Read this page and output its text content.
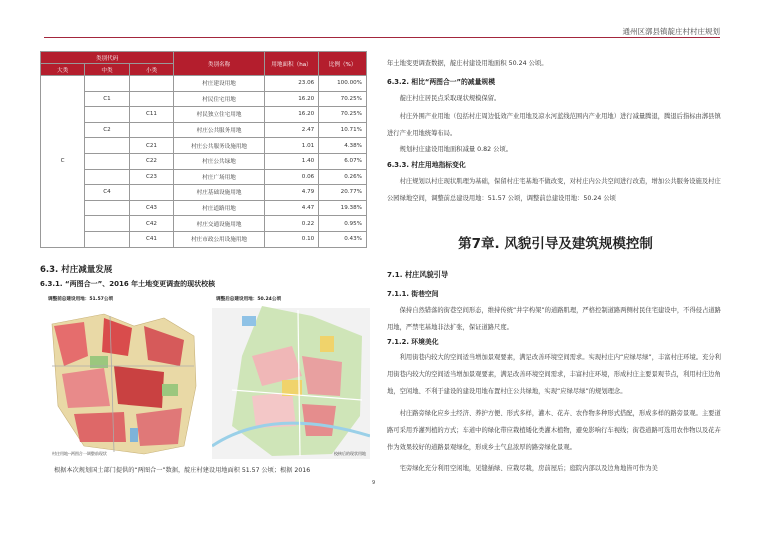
通州区漷县镇靛庄村村庄规划
类别代码			类别名称	用地面积（hа）	比例（%）
大类	中类	小类			
C			村庄建设用地	23.06	100.00%
	C1		村民住宅用地	16.20	70.25%
		C11	村民独立住宅用地	16.20	70.25%
	C2		村庄公共服务用地	2.47	10.71%
		C21	村庄公共服务设施用地	1.01	4.38%
		C22	村庄公共绿地	1.40	6.07%
		C23	村庄广场用地	0.06	0.26%
	C4		村庄基础设施用地	4.79	20.77%
		C43	村庄道路用地	4.47	19.38%
		C42	村庄交通设施用地	0.22	0.95%
		C41	村庄市政公用设施用地	0.10	0.43%
6.3. 村庄减量发展
6.3.1. “两图合一”、2016 年土地变更调查的现状校核
调整前总建设用地：51.57公顷
村庄用地--两图合一调整前现状
调整后总建设用地：50.24公顷
校核后的现状用地
根据本次规划国土部门提供的“两图合一”数据，靛庄村建设用地面积 51.57 公顷；根据 2016
9
年土地变更调查数据，靛庄村建设用地面积 50.24 公顷。
6.3.2. 相比“两图合一”的减量规模
靛庄村庄居民点采取现状规模保留。
村庄外围产业用地（包括村庄周边低效产业用地及凉水河蓝线范围内产业用地）进行减量腾退，腾退后指标由漷县镇进行产业用地统筹布局。
规划村庄建设用地面积减量 0.82 公顷。
6.3.3. 村庄用地指标变化
村庄规划以村庄现状肌理为基础，保留村庄宅基地不做改变，对村庄内公共空间进行改造，增加公共服务设施及村庄公园绿地空间，调整前总建设用地：51.57 公顷，调整前总建设用地：50.24 公顷
第7章. 风貌引导及建筑规模控制
7.1. 村庄风貌引导
7.1.1. 街巷空间
保持自然错落的街巷空间形态，维持传统“井字构架”的道路肌理，严格控制道路两侧村民住宅建设中，不得侵占道路用地，严禁宅基地非法扩张，保证道路尺度。
7.1.2. 环境美化
利用街巷内较大的空间适当增加景观要素，满足改善环境空间需求。实现村庄内“应绿尽绿”，丰富村庄环境。充分利用街巷内较大的空间适当增加景观要素，满足改善环境空间需求，丰富村庄环境，形成村庄主要景观节点，利用村庄边角地，空闲地、不利于建设的建设用地布置村庄公共绿地，实现“应绿尽绿”的规划理念。
村庄路旁绿化应乡土经济、养护方便、形式多样，灌木、花卉、农作物多种形式搭配，形成多样的路旁景观。主要道路可采用乔灌列植的方式；车道中的绿化带应栽植矮化类灌木植物，避免影响行车视线；街巷道路可选用农作物以及花卉作为效果较好的道路景观绿化，形成乡土气息浓厚的路旁绿化景观。
宅旁绿化充分利用空闲地，见缝插绿、应栽尽栽，房前屋后；庭院内部以及边角地皆可作为美
